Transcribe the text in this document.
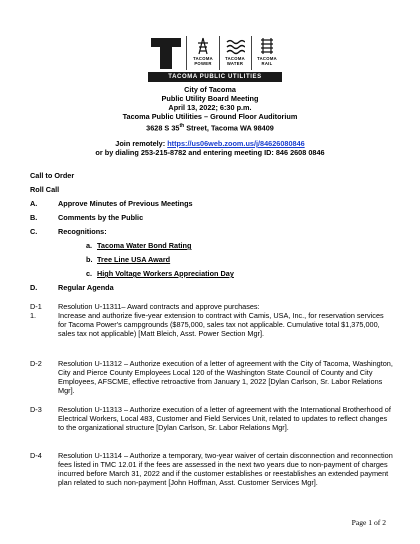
TACOMA
POWER
TACOMA
WATER
TACOMA
RAIL
TACOMA PUBLIC UTILITIES
City of Tacoma
Public Utility Board Meeting
April 13, 2022; 6:30 p.m.
Tacoma Public Utilities – Ground Floor Auditorium
3628 S 35th Street, Tacoma WA 98409
Join remotely: https://us06web.zoom.us/j/84626080846
or by dialing 253-215-8782 and entering meeting ID: 846 2608 0846
Call to Order
Roll Call
A.	Approve Minutes of Previous Meetings
B.	Comments by the Public
C.	Recognitions:
a. Tacoma Water Bond Rating
b. Tree Line USA Award
c. High Voltage Workers Appreciation Day
D.	Regular Agenda
D-1 Resolution U-11311– Award contracts and approve purchases:
1.	Increase and authorize five-year extension to contract with Camis, USA, Inc., for reservation services for Tacoma Power's campgrounds ($875,000, sales tax not applicable. Cumulative total $1,375,000, sales tax not applicable) [Matt Bleich, Asst. Power Section Mgr].
D-2 Resolution U-11312 – Authorize execution of a letter of agreement with the City of Tacoma, Washington, City and Pierce County Employees Local 120 of the Washington State Council of County and City Employees, AFSCME, effective retroactive from January 1, 2022 [Dylan Carlson, Sr. Labor Relations Mgr].
D-3 Resolution U-11313 – Authorize execution of a letter of agreement with the International Brotherhood of Electrical Workers, Local 483, Customer and Field Services Unit, related to updates to reflect changes to the organizational structure [Dylan Carlson, Sr. Labor Relations Mgr].
D-4 Resolution U-11314 – Authorize a temporary, two-year waiver of certain disconnection and reconnection fees listed in TMC 12.01 if the fees are assessed in the next two years due to non-payment of charges incurred before March 31, 2022 and if the customer establishes or reestablishes an extended payment plan related to such non-payment [John Hoffman, Asst. Customer Services Mgr].
Page 1 of 2
